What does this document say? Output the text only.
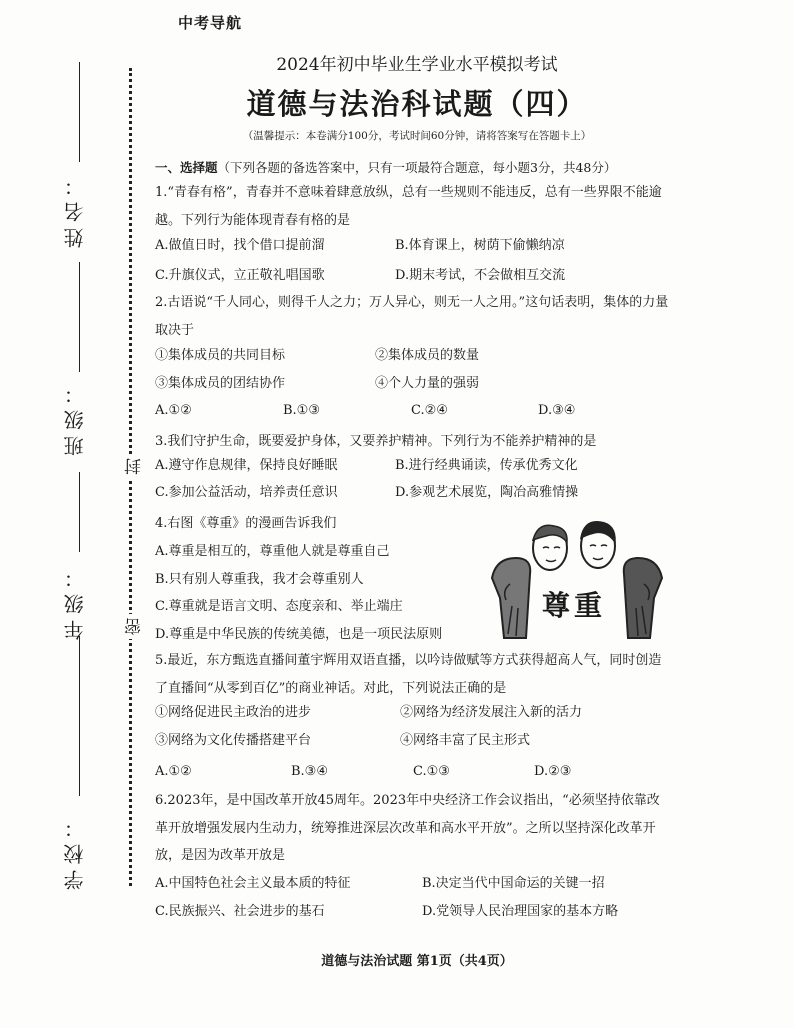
中考导航
2024年初中毕业生学业水平模拟考试
道德与法治科试题（四）
（温馨提示：本卷满分100分，考试时间60分钟，请将答案写在答题卡上）
姓名：
班级：
年级：
学校：
封
密
一、选择题（下列各题的备选答案中，只有一项最符合题意，每小题3分，共48分）
1.“青春有格”，青春并不意味着肆意放纵，总有一些规则不能违反，总有一些界限不能逾越。下列行为能体现青春有格的是
A.做值日时，找个借口提前溜	B.体育课上，树荫下偷懒纳凉
C.升旗仪式，立正敬礼唱国歌	D.期末考试，不会做相互交流
2.古语说“千人同心，则得千人之力；万人异心，则无一人之用。”这句话表明，集体的力量取决于
①集体成员的共同目标	②集体成员的数量
③集体成员的团结协作	④个人力量的强弱
A.①②	B.①③	C.②④	D.③④
3.我们守护生命，既要爱护身体，又要养护精神。下列行为不能养护精神的是
A.遵守作息规律，保持良好睡眠	B.进行经典诵读，传承优秀文化
C.参加公益活动，培养责任意识	D.参观艺术展览，陶冶高雅情操
4.右图《尊重》的漫画告诉我们
A.尊重是相互的，尊重他人就是尊重自己
B.只有别人尊重我，我才会尊重别人
C.尊重就是语言文明、态度亲和、举止端庄
D.尊重是中华民族的传统美德，也是一项民法原则
尊重
5.最近，东方甄选直播间董宇辉用双语直播，以吟诗做赋等方式获得超高人气，同时创造了直播间“从零到百亿”的商业神话。对此，下列说法正确的是
①网络促进民主政治的进步	②网络为经济发展注入新的活力
③网络为文化传播搭建平台	④网络丰富了民主形式
A.①②	B.③④	C.①③	D.②③
6.2023年，是中国改革开放45周年。2023年中央经济工作会议指出，“必须坚持依靠改革开放增强发展内生动力，统筹推进深层次改革和高水平开放”。之所以坚持深化改革开放，是因为改革开放是
A.中国特色社会主义最本质的特征	B.决定当代中国命运的关键一招
C.民族振兴、社会进步的基石	D.党领导人民治理国家的基本方略
道德与法治试题 第1页（共4页）
